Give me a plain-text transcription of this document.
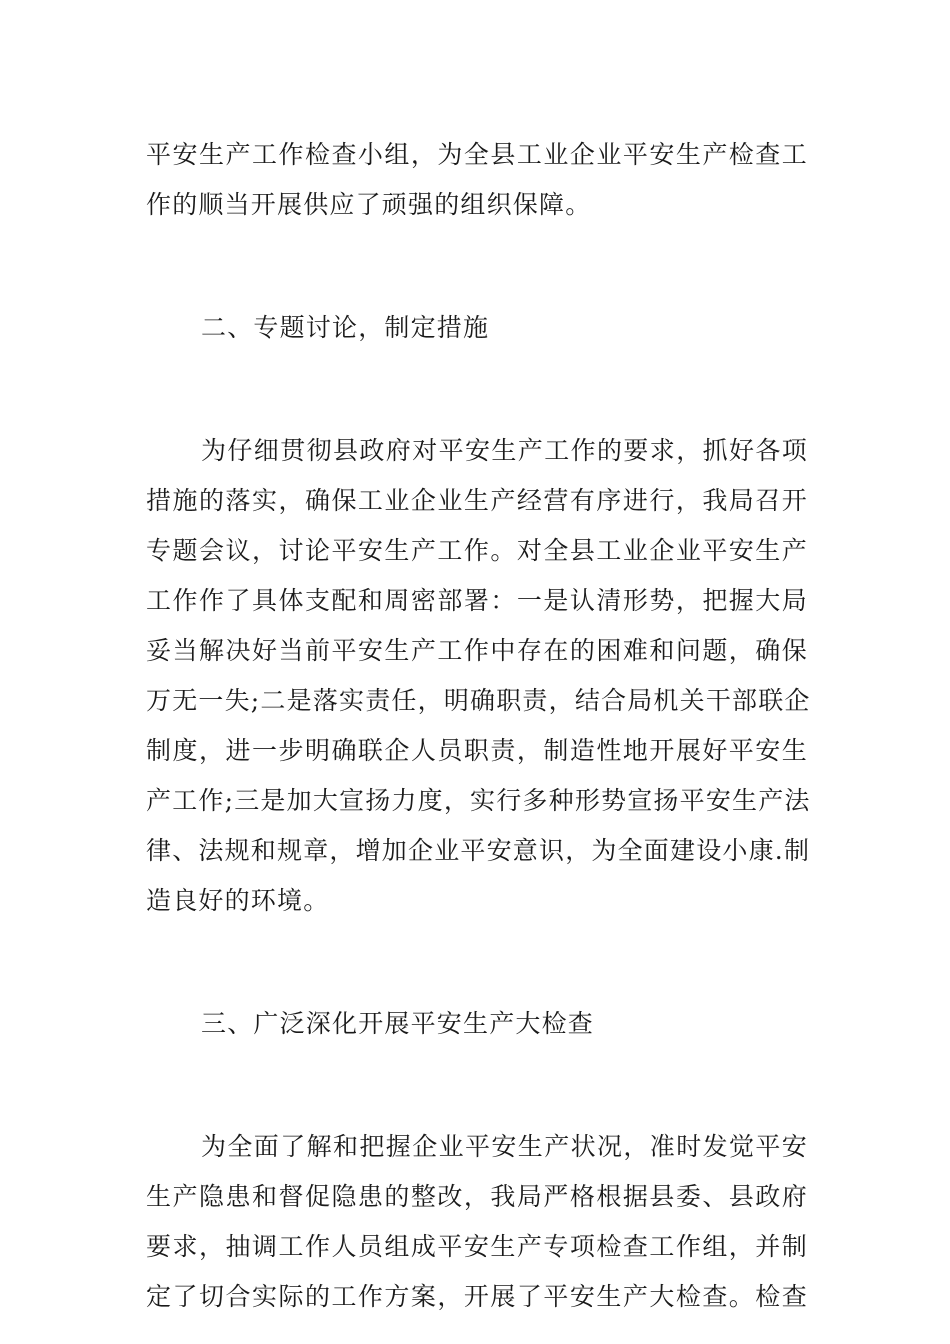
平安生产工作检查小组，为全县工业企业平安生产检查工
作的顺当开展供应了顽强的组织保障。
二、专题讨论，制定措施
为仔细贯彻县政府对平安生产工作的要求，抓好各项
措施的落实，确保工业企业生产经营有序进行，我局召开
专题会议，讨论平安生产工作。对全县工业企业平安生产
工作作了具体支配和周密部署：一是认清形势，把握大局
妥当解决好当前平安生产工作中存在的困难和问题，确保
万无一失;二是落实责任，明确职责，结合局机关干部联企
制度，进一步明确联企人员职责，制造性地开展好平安生
产工作;三是加大宣扬力度，实行多种形势宣扬平安生产法
律、法规和规章，增加企业平安意识，为全面建设小康.制
造良好的环境。
三、广泛深化开展平安生产大检查
为全面了解和把握企业平安生产状况，准时发觉平安
生产隐患和督促隐患的整改，我局严格根据县委、县政府
要求，抽调工作人员组成平安生产专项检查工作组，并制
定了切合实际的工作方案，开展了平安生产大检查。检查
